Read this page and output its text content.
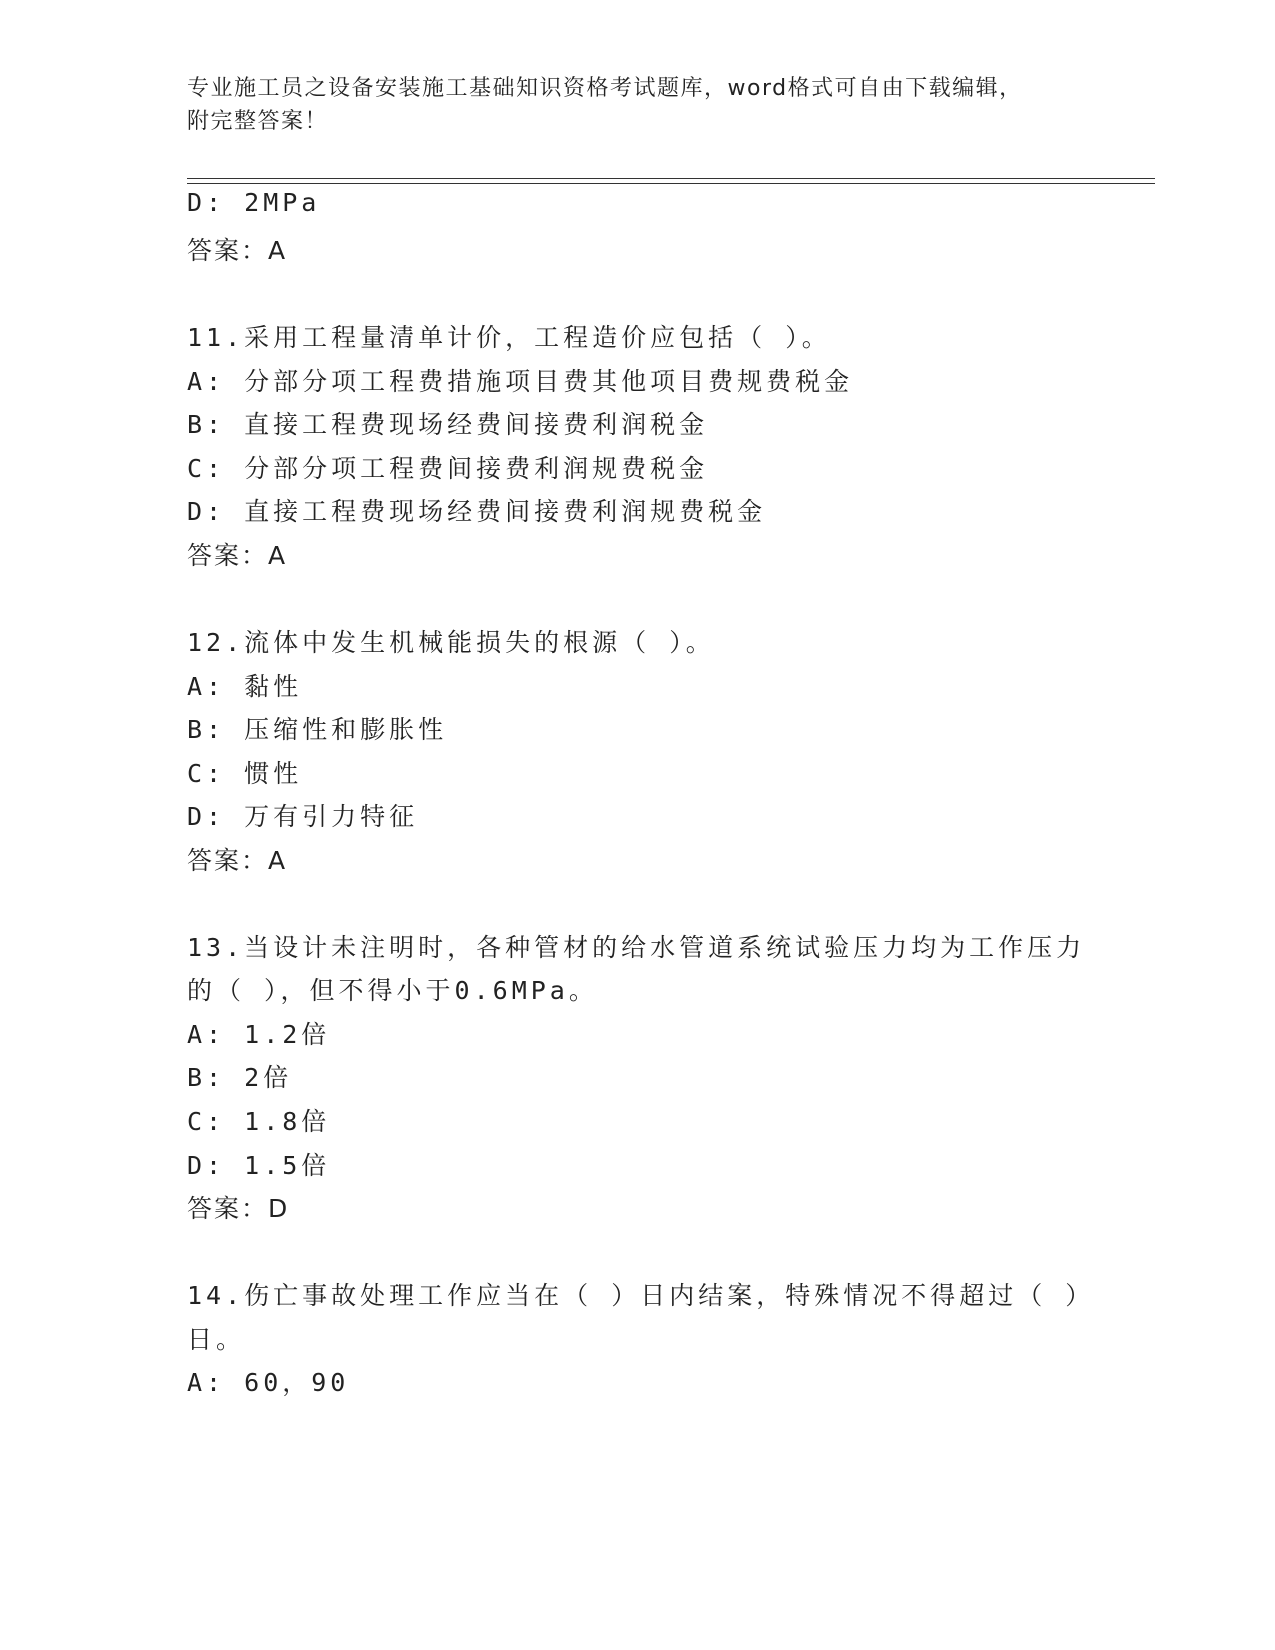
专业施工员之设备安装施工基础知识资格考试题库，word格式可自由下载编辑，
附完整答案！
D: 2MPa
答案：A
11.采用工程量清单计价，工程造价应包括（ ）。
A: 分部分项工程费措施项目费其他项目费规费税金
B: 直接工程费现场经费间接费利润税金
C: 分部分项工程费间接费利润规费税金
D: 直接工程费现场经费间接费利润规费税金
答案：A
12.流体中发生机械能损失的根源（ ）。
A: 黏性
B: 压缩性和膨胀性
C: 惯性
D: 万有引力特征
答案：A
13.当设计未注明时，各种管材的给水管道系统试验压力均为工作压力
的（ ），但不得小于0.6MPa。
A: 1.2倍
B: 2倍
C: 1.8倍
D: 1.5倍
答案：D
14.伤亡事故处理工作应当在（ ）日内结案，特殊情况不得超过（ ）
日。
A: 60，90
